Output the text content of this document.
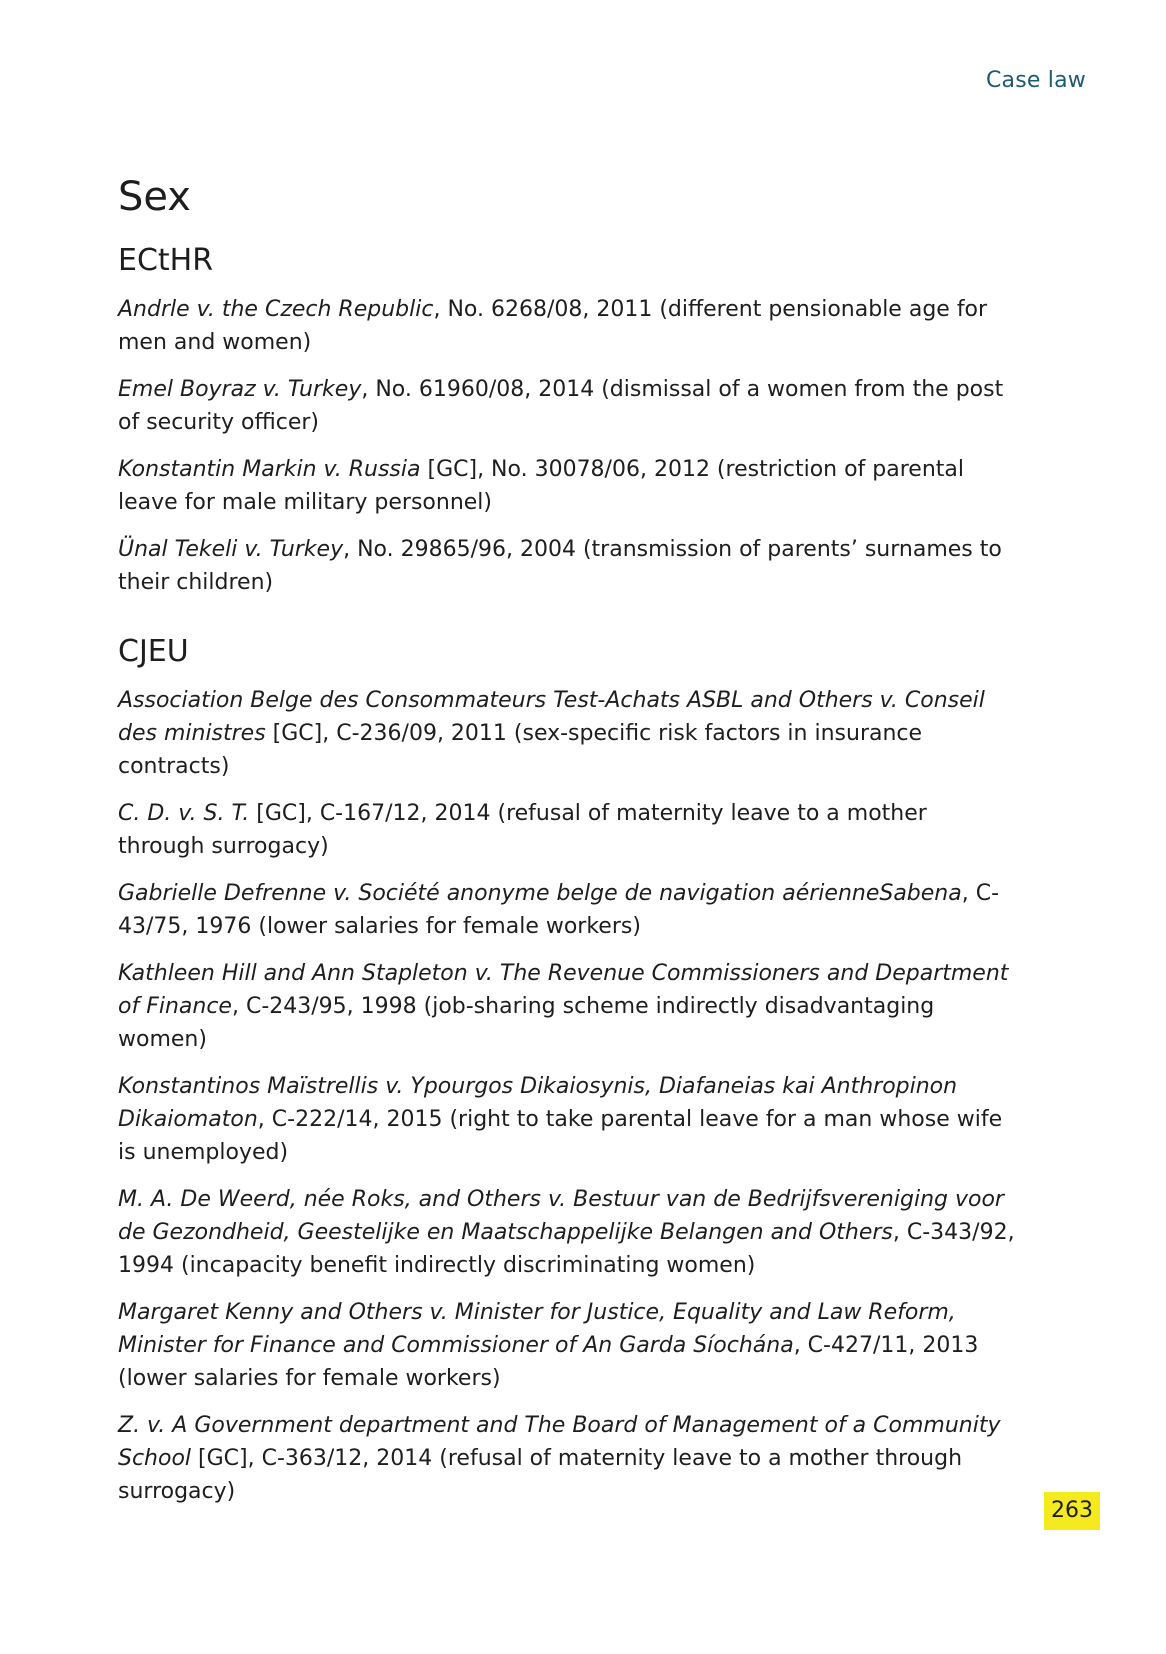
Case law
Sex
ECtHR

Andrle v. the Czech Republic, No. 6268/08, 2011 (different pensionable age for men and women)

Emel Boyraz v. Turkey, No. 61960/08, 2014 (dismissal of a women from the post of security officer)

Konstantin Markin v. Russia [GC], No. 30078/06, 2012 (restriction of parental leave for male military personnel)

Ünal Tekeli v. Turkey, No. 29865/96, 2004 (transmission of parents’ surnames to their children)

CJEU

Association Belge des Consommateurs Test-Achats ASBL and Others v. Conseil des ministres [GC], C-236/09, 2011 (sex-specific risk factors in insurance contracts)

C. D. v. S. T. [GC], C-167/12, 2014 (refusal of maternity leave to a mother through surrogacy)

Gabrielle Defrenne v. Société anonyme belge de navigation aérienneSabena, C-43/75, 1976 (lower salaries for female workers)

Kathleen Hill and Ann Stapleton v. The Revenue Commissioners and Department of Finance, C-243/95, 1998 (job-sharing scheme indirectly disadvantaging women)

Konstantinos Maïstrellis v. Ypourgos Dikaiosynis, Diafaneias kai Anthropinon Dikaiomaton, C-222/14, 2015 (right to take parental leave for a man whose wife is unemployed)

M. A. De Weerd, née Roks, and Others v. Bestuur van de Bedrijfsvereniging voor de Gezondheid, Geestelijke en Maatschappelijke Belangen and Others, C-343/92, 1994 (incapacity benefit indirectly discriminating women)

Margaret Kenny and Others v. Minister for Justice, Equality and Law Reform, Minister for Finance and Commissioner of An Garda Síochána, C-427/11, 2013 (lower salaries for female workers)

Z. v. A Government department and The Board of Management of a Community School [GC], C-363/12, 2014 (refusal of maternity leave to a mother through surrogacy)

263
